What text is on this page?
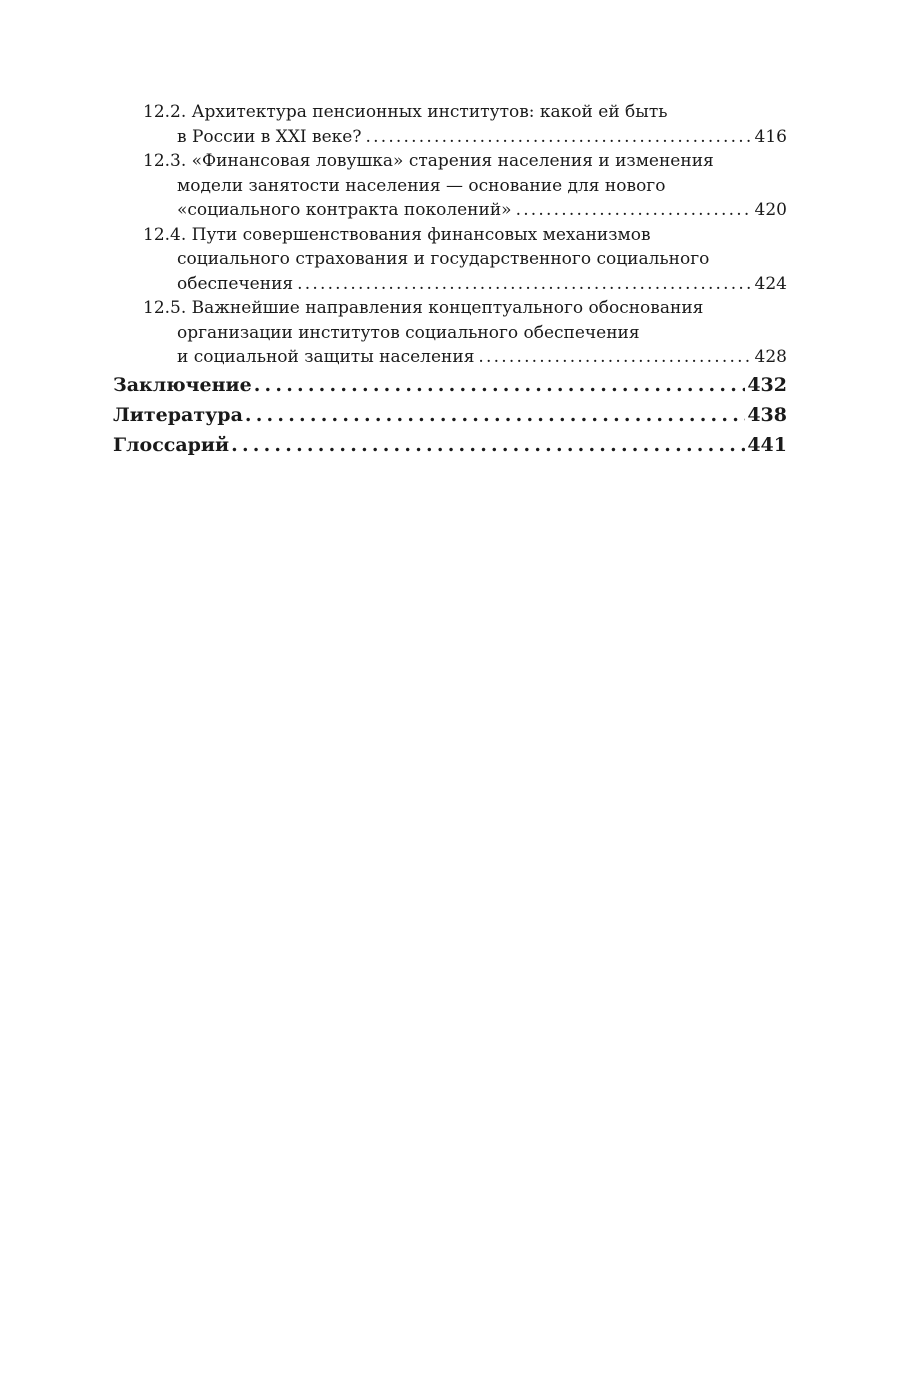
12.2. Архитектура пенсионных институтов: какой ей быть
в России в XXI веке? . . .	416
12.3. «Финансовая ловушка» старения населения и изменения
модели занятости населения — основание для нового
«социального контракта поколений» . . .	420
12.4. Пути совершенствования финансовых механизмов
социального страхования и государственного социального
обеспечения . . .	424
12.5. Важнейшие направления концептуального обоснования
организации институтов социального обеспечения
и социальной защиты населения . . .	428
Заключение . . .	432
Литература . . .	438
Глоссарий . . .	441
